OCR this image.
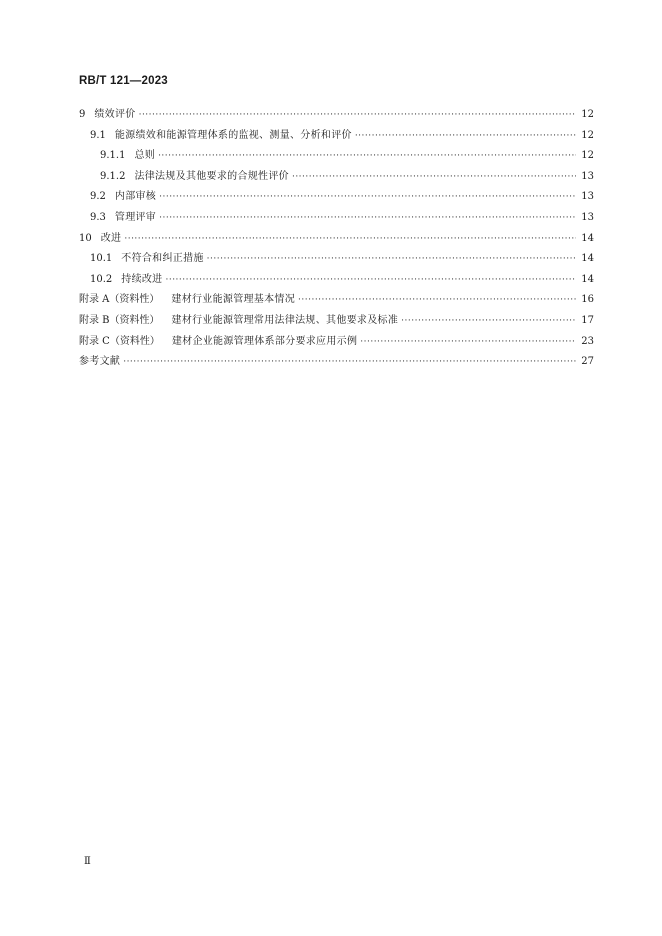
RB/T 121—2023
9 绩效评价 ·····	12
9.1 能源绩效和能源管理体系的监视、测量、分析和评价 ·····	12
9.1.1 总则 ·····	12
9.1.2 法律法规及其他要求的合规性评价 ·····	13
9.2 内部审核 ·····	13
9.3 管理评审 ·····	13
10 改进 ·····	14
10.1 不符合和纠正措施 ·····	14
10.2 持续改进 ·····	14
附录 A（资料性） 建材行业能源管理基本情况 ·····	16
附录 B（资料性） 建材行业能源管理常用法律法规、其他要求及标准 ·····	17
附录 C（资料性） 建材企业能源管理体系部分要求应用示例 ·····	23
参考文献 ·····	27
Ⅱ
